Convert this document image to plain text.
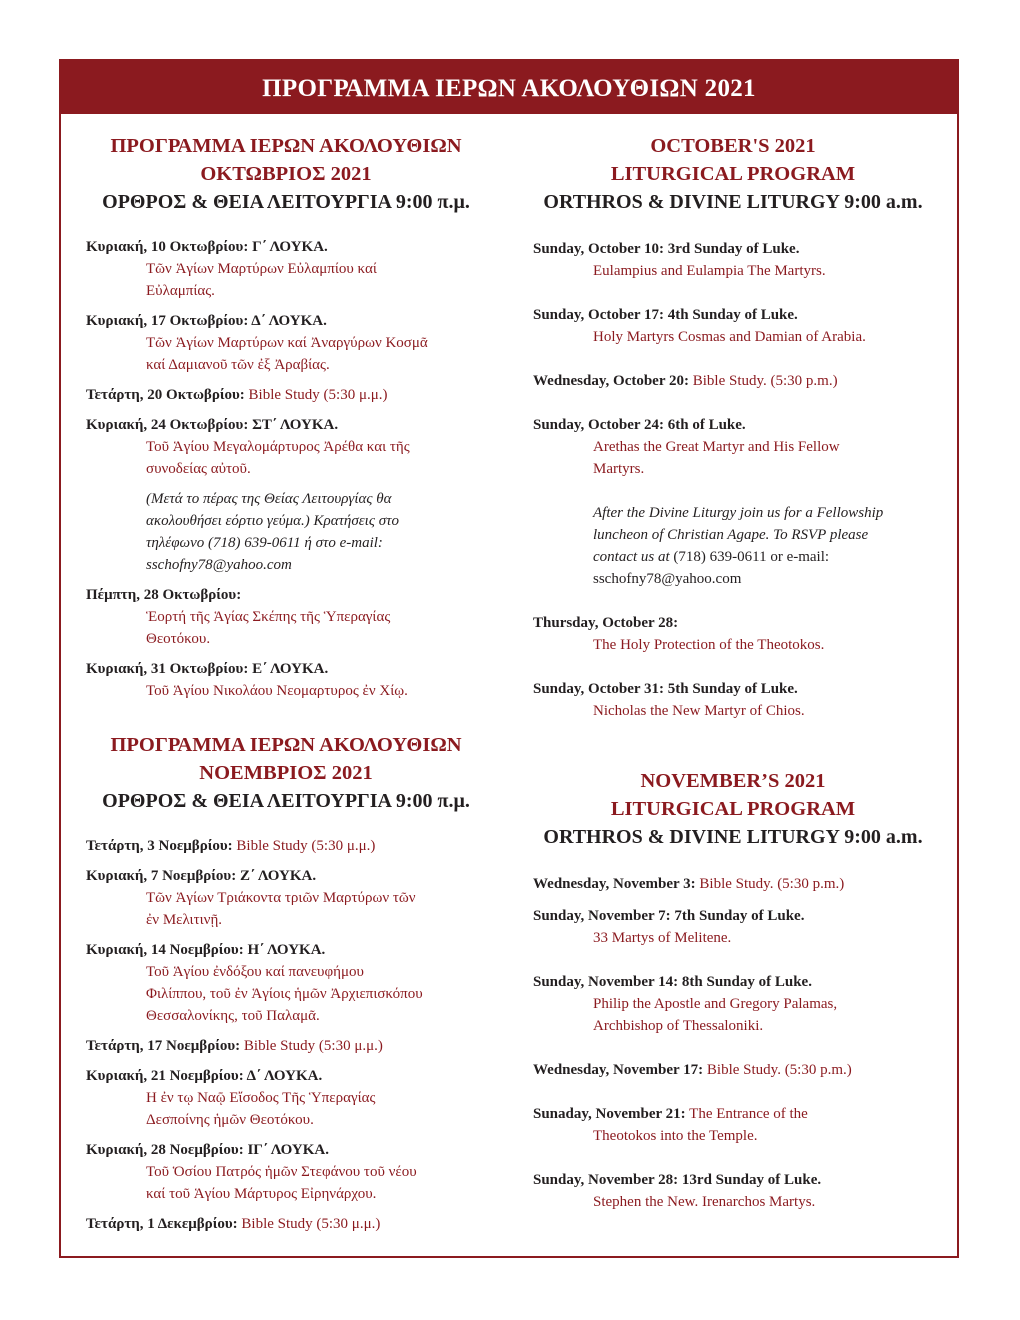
ΠΡΟΓΡΑΜΜΑ ΙΕΡΩΝ ΑΚΟΛΟΥΘΙΩΝ 2021
ΠΡΟΓΡΑΜΜΑ ΙΕΡΩΝ ΑΚΟΛΟΥΘΙΩΝ
ΟΚΤΩΒΡΙΟΣ 2021
ΟΡΘΡΟΣ & ΘΕΙΑ ΛΕΙΤΟΥΡΓΙΑ 9:00 π.μ.
Κυριακή, 10 Οκτωβρίου: Γ΄ ΛΟΥΚΑ.
Τῶν Ἁγίων Μαρτύρων Εὐλαμπίου καί
Εὐλαμπίας.
Κυριακή, 17 Οκτωβρίου: Δ΄ ΛΟΥΚΑ.
Τῶν Ἁγίων Μαρτύρων καί Ἀναργύρων Κοσμᾶ
καί Δαμιανοῦ τῶν ἐξ Ἀραβίας.
Τετάρτη, 20 Οκτωβρίου: Bible Study (5:30 μ.μ.)
Κυριακή, 24 Οκτωβρίου: ΣΤ΄ ΛΟΥΚΑ.
Τοῦ Ἁγίου Μεγαλομάρτυρος Ἀρέθα και τῆς
συνοδείας αὐτοῦ.
(Μετά το πέρας της Θείας Λειτουργίας θα
ακολουθήσει εόρτιο γεύμα.) Κρατήσεις στο
τηλέφωνο (718) 639-0611 ή στο e-mail:
sschofny78@yahoo.com
Πέμπτη, 28 Οκτωβρίου:
Ἑορτή τῆς Ἁγίας Σκέπης τῆς Ὑπεραγίας
Θεοτόκου.
Κυριακή, 31 Οκτωβρίου: Ε΄ ΛΟΥΚΑ.
Τοῦ Ἁγίου Νικολάου Νεομαρτυρος ἐν Χίῳ.
ΠΡΟΓΡΑΜΜΑ ΙΕΡΩΝ ΑΚΟΛΟΥΘΙΩΝ
ΝΟΕΜΒΡΙΟΣ 2021
ΟΡΘΡΟΣ & ΘΕΙΑ ΛΕΙΤΟΥΡΓΙΑ 9:00 π.μ.
Τετάρτη, 3 Νοεμβρίου: Bible Study (5:30 μ.μ.)
Κυριακή, 7 Νοεμβρίου: Ζ΄ ΛΟΥΚΑ.
Τῶν Ἁγίων Τριάκοντα τριῶν Μαρτύρων τῶν
ἐν Μελιτινῇ.
Κυριακή, 14 Νοεμβρίου: Η΄ ΛΟΥΚΑ.
Τοῦ Ἁγίου ἐνδόξου καί πανευφήμου
Φιλίππου, τοῦ ἐν Ἁγίοις ἡμῶν Ἀρχιεπισκόπου
Θεσσαλονίκης, τοῦ Παλαμᾶ.
Τετάρτη, 17 Νοεμβρίου: Bible Study (5:30 μ.μ.)
Κυριακή, 21 Νοεμβρίου: Δ΄ ΛΟΥΚΑ.
Η ἐν τῳ Ναῷ Εἴσοδος Τῆς Ὑπεραγίας
Δεσποίνης ἡμῶν Θεοτόκου.
Κυριακή, 28 Νοεμβρίου: ΙΓ΄ ΛΟΥΚΑ.
Τοῦ Ὁσίου Πατρός ἡμῶν Στεφάνου τοῦ νέου
καί τοῦ Ἁγίου Μάρτυρος Εἰρηνάρχου.
Τετάρτη, 1 Δεκεμβρίου: Bible Study (5:30 μ.μ.)
OCTOBER'S 2021
LITURGICAL PROGRAM
ORTHROS & DIVINE LITURGY 9:00 a.m.
Sunday, October 10: 3rd Sunday of Luke.
Eulampius and Eulampia The Martyrs.
Sunday, October 17: 4th Sunday of Luke.
Holy Martyrs Cosmas and Damian of Arabia.
Wednesday, October 20: Bible Study. (5:30 p.m.)
Sunday, October 24: 6th of Luke.
Arethas the Great Martyr and His Fellow
Martyrs.
After the Divine Liturgy join us for a Fellowship
luncheon of Christian Agape. To RSVP please
contact us at (718) 639-0611 or e-mail:
sschofny78@yahoo.com
Thursday, October 28:
The Holy Protection of the Theotokos.
Sunday, October 31: 5th Sunday of Luke.
Nicholas the New Martyr of Chios.
NOVEMBER’S 2021
LITURGICAL PROGRAM
ORTHROS & DIVINE LITURGY 9:00 a.m.
Wednesday, November 3: Bible Study. (5:30 p.m.)
Sunday, November 7: 7th Sunday of Luke.
33 Martys of Melitene.
Sunday, November 14: 8th Sunday of Luke.
Philip the Apostle and Gregory Palamas,
Archbishop of Thessaloniki.
Wednesday, November 17: Bible Study. (5:30 p.m.)
Sunaday, November 21: The Entrance of the
Theotokos into the Temple.
Sunday, November 28: 13rd Sunday of Luke.
Stephen the New. Irenarchos Martys.
